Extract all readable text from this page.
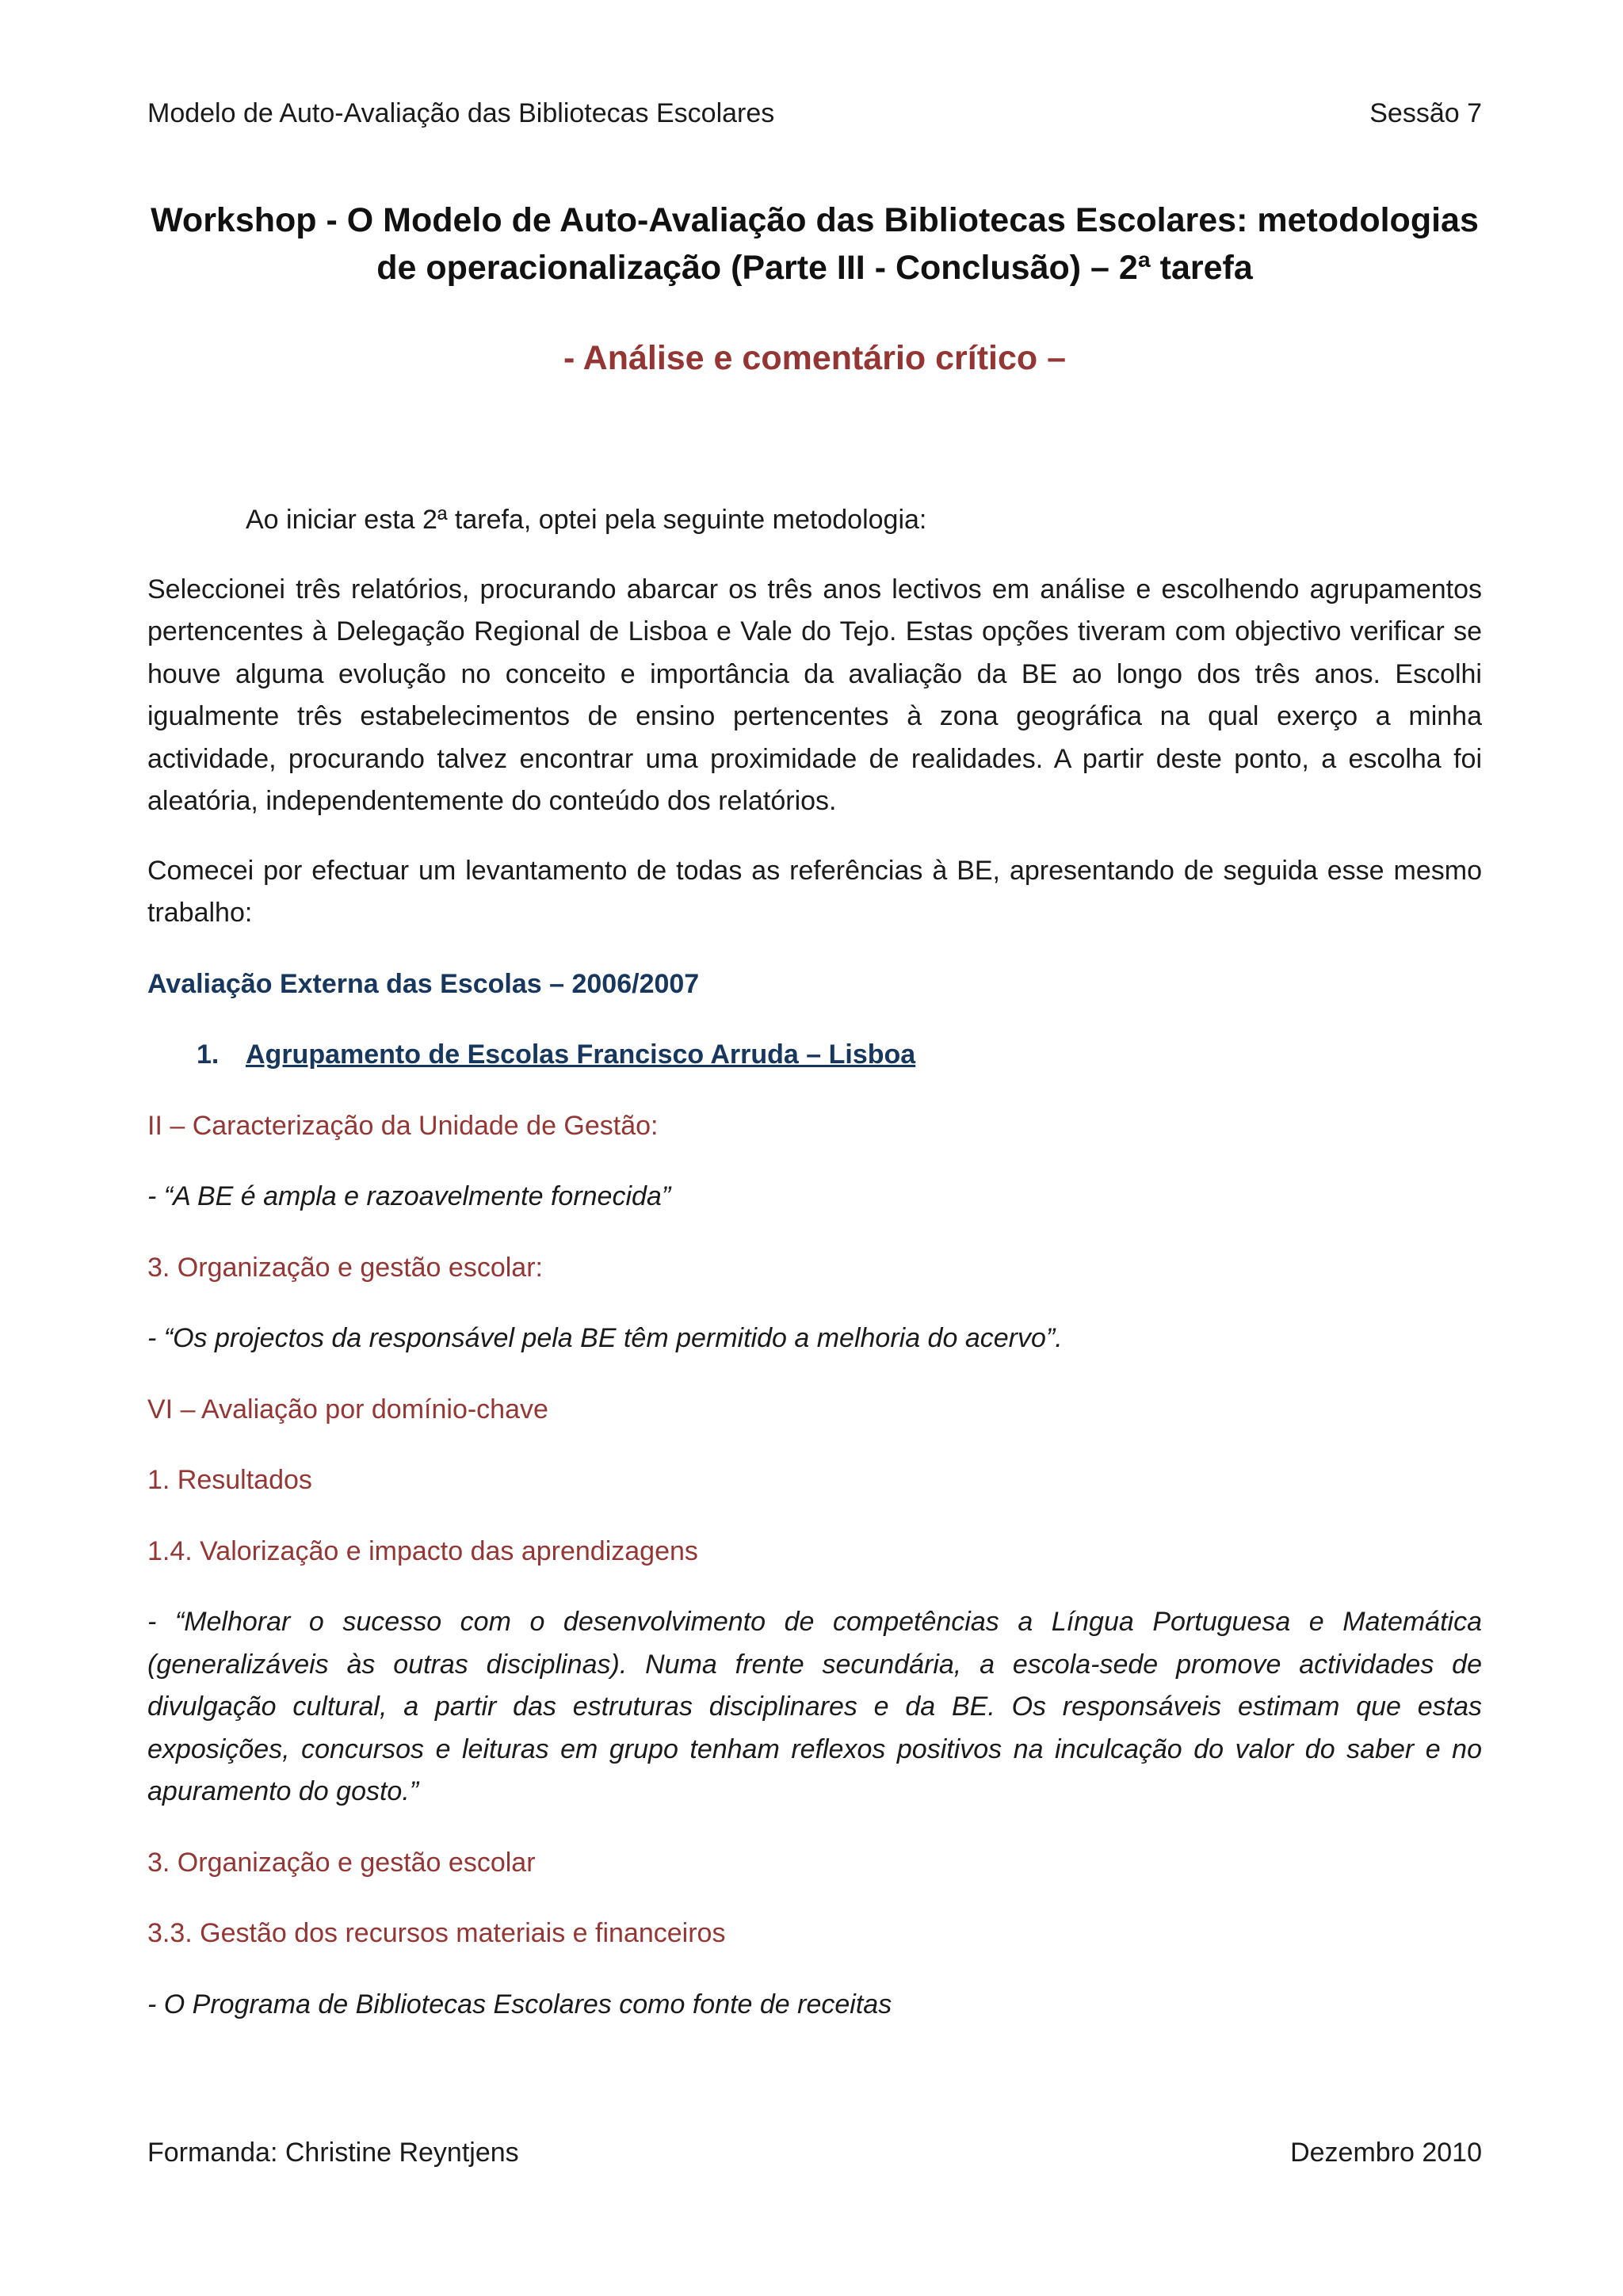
Modelo de Auto-Avaliação das Bibliotecas Escolares	Sessão 7
Workshop - O Modelo de Auto-Avaliação das Bibliotecas Escolares: metodologias
de operacionalização (Parte III - Conclusão) – 2ª tarefa
- Análise e comentário crítico –

Ao iniciar esta 2ª tarefa, optei pela seguinte metodologia:

Seleccionei três relatórios, procurando abarcar os três anos lectivos em análise e escolhendo agrupamentos pertencentes à Delegação Regional de Lisboa e Vale do Tejo. Estas opções tiveram com objectivo verificar se houve alguma evolução no conceito e importância da avaliação da BE ao longo dos três anos. Escolhi igualmente três estabelecimentos de ensino pertencentes à zona geográfica na qual exerço a minha actividade, procurando talvez encontrar uma proximidade de realidades. A partir deste ponto, a escolha foi aleatória, independentemente do conteúdo dos relatórios.

Comecei por efectuar um levantamento de todas as referências à BE, apresentando de seguida esse mesmo trabalho:

Avaliação Externa das Escolas – 2006/2007

1. Agrupamento de Escolas Francisco Arruda – Lisboa

II – Caracterização da Unidade de Gestão:

- “A BE é ampla e razoavelmente fornecida”

3. Organização e gestão escolar:

- “Os projectos da responsável pela BE têm permitido a melhoria do acervo”.

VI – Avaliação por domínio-chave

1. Resultados

1.4. Valorização e impacto das aprendizagens

- “Melhorar o sucesso com o desenvolvimento de competências a Língua Portuguesa e Matemática (generalizáveis às outras disciplinas). Numa frente secundária, a escola-sede promove actividades de divulgação cultural, a partir das estruturas disciplinares e da BE. Os responsáveis estimam que estas exposições, concursos e leituras em grupo tenham reflexos positivos na inculcação do valor do saber e no apuramento do gosto.”

3. Organização e gestão escolar

3.3. Gestão dos recursos materiais e financeiros

- O Programa de Bibliotecas Escolares como fonte de receitas

Formanda: Christine Reyntjens	Dezembro 2010
